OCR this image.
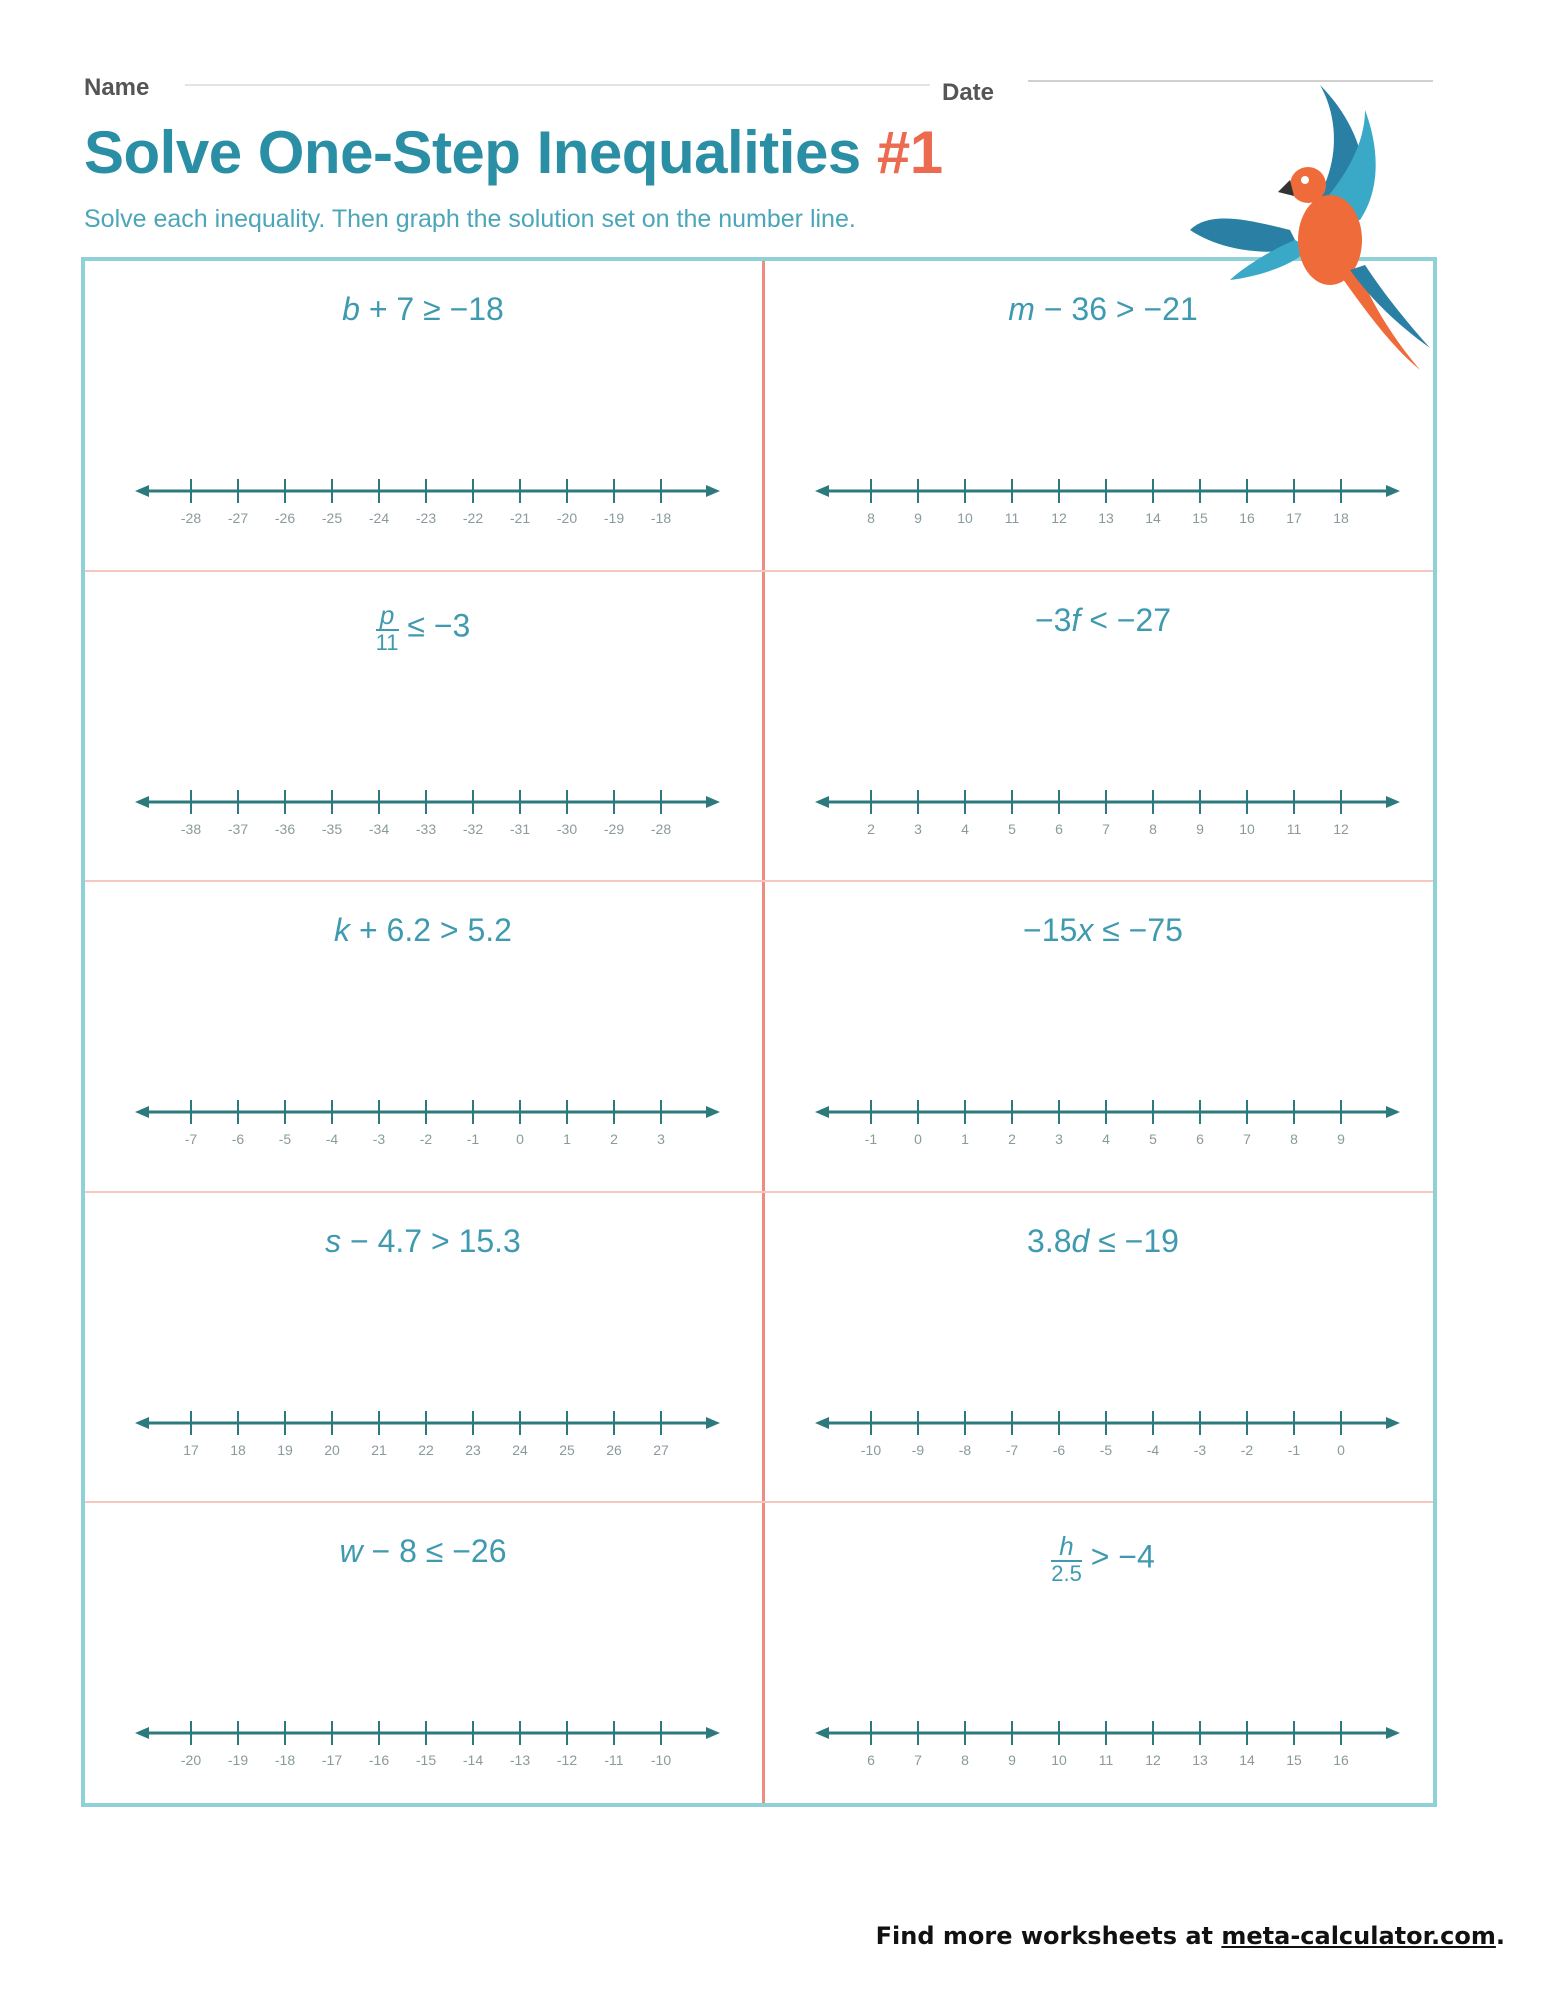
Name	Date
Solve One-Step Inequalities #1
Solve each inequality. Then graph the solution set on the number line.
b + 7 ≥ −18
-28 -27 -26 -25 -24 -23 -22 -21 -20 -19 -18
m − 36 > −21
8	9	10 11 12 13 14 15 16 17 18
$\frac{p}{11} \le -3$
-38 -37 -36 -35 -34 -33 -32 -31 -30 -29 -28
−3f < −27
2	3	4	5	6	7	8	9	10 11 12
k + 6.2 > 5.2
-7 -6 -5 -4 -3 -2 -1	0	1	2	3
−15x ≤ −75
-1	0	1	2	3	4	5	6	7	8	9
s − 4.7 > 15.3
17 18 19 20 21 22 23 24 25 26 27
3.8d ≤ −19
-10 -9 -8 -7 -6 -5 -4 -3 -2 -1	0
w − 8 ≤ −26
-20 -19 -18 -17 -16 -15 -14 -13 -12 -11 -10
$\frac{h}{2.5} > -4$
6	7	8	9	10 11 12 13 14 15 16
Find more worksheets at meta-calculator.com.
